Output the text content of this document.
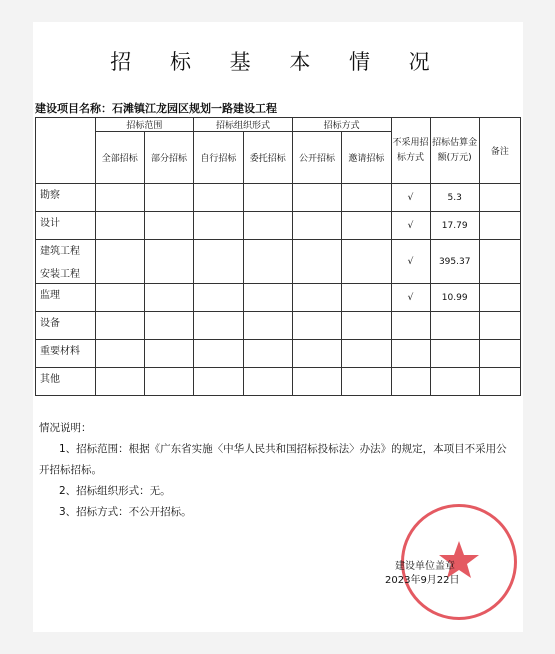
招 标 基 本 情 况
建设项目名称：石滩镇江龙园区规划一路建设工程
	招标范围		招标组织形式		招标方式		不采用招标方式	招标估算金额(万元)	备注
	全部招标	部分招标	自行招标	委托招标	公开招标	邀请招标			
勘察							√	5.3	
设计							√	17.79	

建筑工程
安装工程							√	395.37	
监理							√	10.99	
设备									
重要材料									
其他									
情况说明：
1、招标范围：根据《广东省实施〈中华人民共和国招标投标法〉办法》的规定，本项目不采用公开招标招标。
2、招标组织形式：无。
3、招标方式：不公开招标。
建设单位盖章
2023年9月22日
